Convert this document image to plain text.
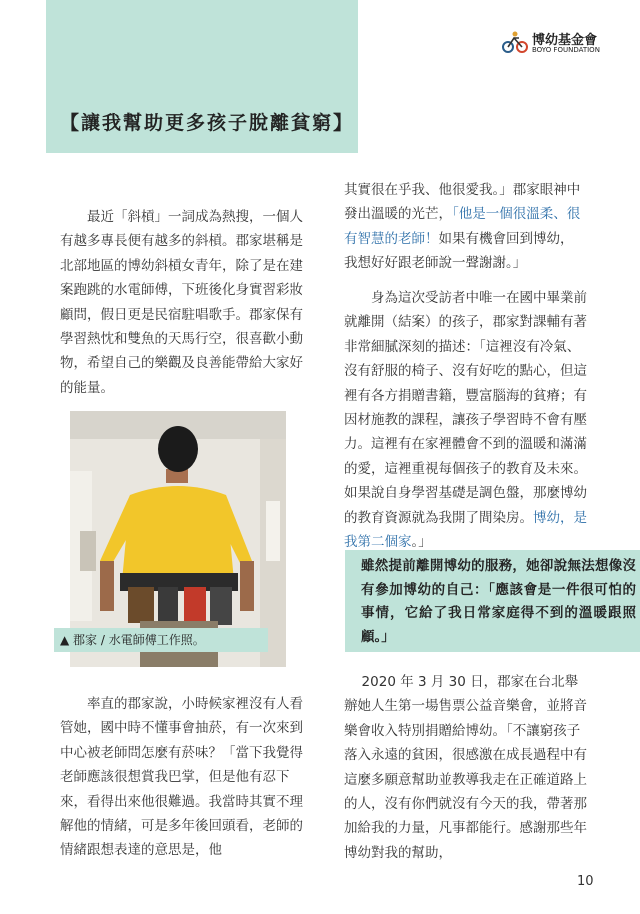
【讓我幫助更多孩子脫離貧窮】
博幼基金會
BOYO FOUNDATION

最近「斜槓」一詞成為熱搜，一個人有越多專長便有越多的斜槓。郡家堪稱是北部地區的博幼斜槓女青年，除了是在建案跑跳的水電師傅，下班後化身實習彩妝顧問，假日更是民宿駐唱歌手。郡家保有學習熱忱和雙魚的天馬行空，很喜歡小動物，希望自己的樂觀及良善能帶給大家好的能量。

▲ 郡家 / 水電師傅工作照。

率直的郡家說，小時候家裡沒有人看管她，國中時不懂事會抽菸，有一次來到中心被老師問怎麼有菸味？「當下我覺得老師應該很想賞我巴掌，但是他有忍下來，看得出來他很難過。我當時其實不理解他的情緒，可是多年後回頭看，老師的情緒跟想表達的意思是，他

其實很在乎我、他很愛我。」郡家眼神中發出溫暖的光芒，「他是一個很溫柔、很有智慧的老師！如果有機會回到博幼，我想好好跟老師說一聲謝謝。」

身為這次受訪者中唯一在國中畢業前就離開（結案）的孩子，郡家對課輔有著非常細膩深刻的描述：「這裡沒有冷氣、沒有舒服的椅子、沒有好吃的點心，但這裡有各方捐贈書籍，豐富腦海的貧瘠；有因材施教的課程，讓孩子學習時不會有壓力。這裡有在家裡體會不到的溫暖和滿滿的愛，這裡重視每個孩子的教育及未來。如果說自身學習基礎是調色盤，那麼博幼的教育資源就為我開了間染房。博幼，是我第二個家。」

雖然提前離開博幼的服務，她卻說無法想像沒有參加博幼的自己：「應該會是一件很可怕的事情，它給了我日常家庭得不到的溫暖跟照顧。」

2020 年 3 月 30 日，郡家在台北舉辦她人生第一場售票公益音樂會，並將音樂會收入特別捐贈給博幼。「不讓窮孩子落入永遠的貧困，很感激在成長過程中有這麼多願意幫助並教導我走在正確道路上的人，沒有你們就沒有今天的我，帶著那加給我的力量，凡事都能行。感謝那些年博幼對我的幫助，

10
